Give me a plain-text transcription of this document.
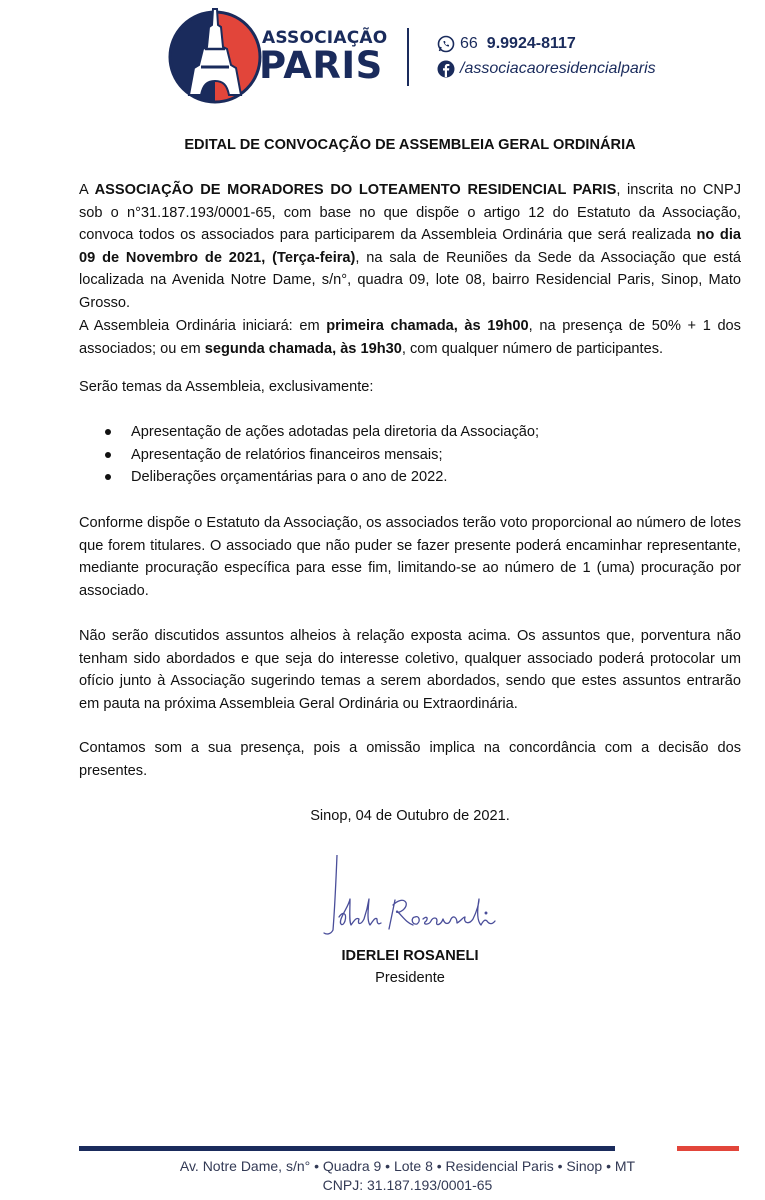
ASSOCIAÇÃO
PARIS
66 9.9924-8117
/associacaoresidencialparis
EDITAL DE CONVOCAÇÃO DE ASSEMBLEIA GERAL ORDINÁRIA

A ASSOCIAÇÃO DE MORADORES DO LOTEAMENTO RESIDENCIAL PARIS, inscrita no CNPJ sob o n°31.187.193/0001-65, com base no que dispõe o artigo 12 do Estatuto da Associação, convoca todos os associados para participarem da Assembleia Ordinária que será realizada no dia 09 de Novembro de 2021, (Terça-feira), na sala de Reuniões da Sede da Associação que está localizada na Avenida Notre Dame, s/n°, quadra 09, lote 08, bairro Residencial Paris, Sinop, Mato Grosso.

A Assembleia Ordinária iniciará: em primeira chamada, às 19h00, na presença de 50% + 1 dos associados; ou em segunda chamada, às 19h30, com qualquer número de participantes.

Serão temas da Assembleia, exclusivamente:

Apresentação de ações adotadas pela diretoria da Associação;
Apresentação de relatórios financeiros mensais;
Deliberações orçamentárias para o ano de 2022.

Conforme dispõe o Estatuto da Associação, os associados terão voto proporcional ao número de lotes que forem titulares. O associado que não puder se fazer presente poderá encaminhar representante, mediante procuração específica para esse fim, limitando-se ao número de 1 (uma) procuração por associado.

Não serão discutidos assuntos alheios à relação exposta acima. Os assuntos que, porventura não tenham sido abordados e que seja do interesse coletivo, qualquer associado poderá protocolar um ofício junto à Associação sugerindo temas a serem abordados, sendo que estes assuntos entrarão em pauta na próxima Assembleia Geral Ordinária ou Extraordinária.

Contamos som a sua presença, pois a omissão implica na concordância com a decisão dos presentes.

Sinop, 04 de Outubro de 2021.
IDERLEI ROSANELI
Presidente
Av. Notre Dame, s/n° • Quadra 9 • Lote 8 • Residencial Paris • Sinop • MT
CNPJ: 31.187.193/0001-65
